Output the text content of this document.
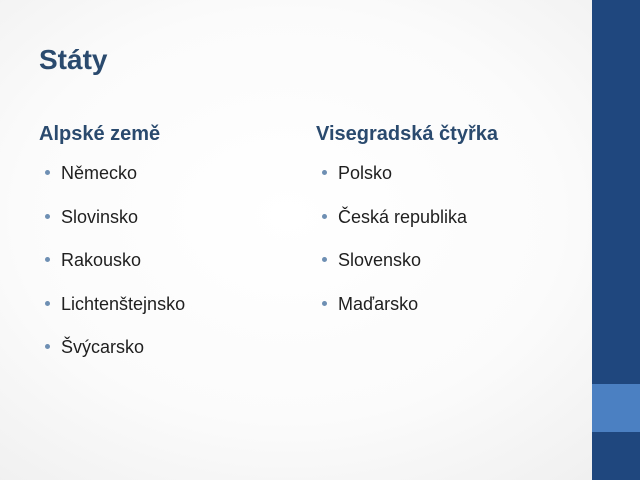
Státy
Alpské země
Německo
Slovinsko
Rakousko
Lichtenštejnsko
Švýcarsko
Visegradská čtyřka
Polsko
Česká republika
Slovensko
Maďarsko
